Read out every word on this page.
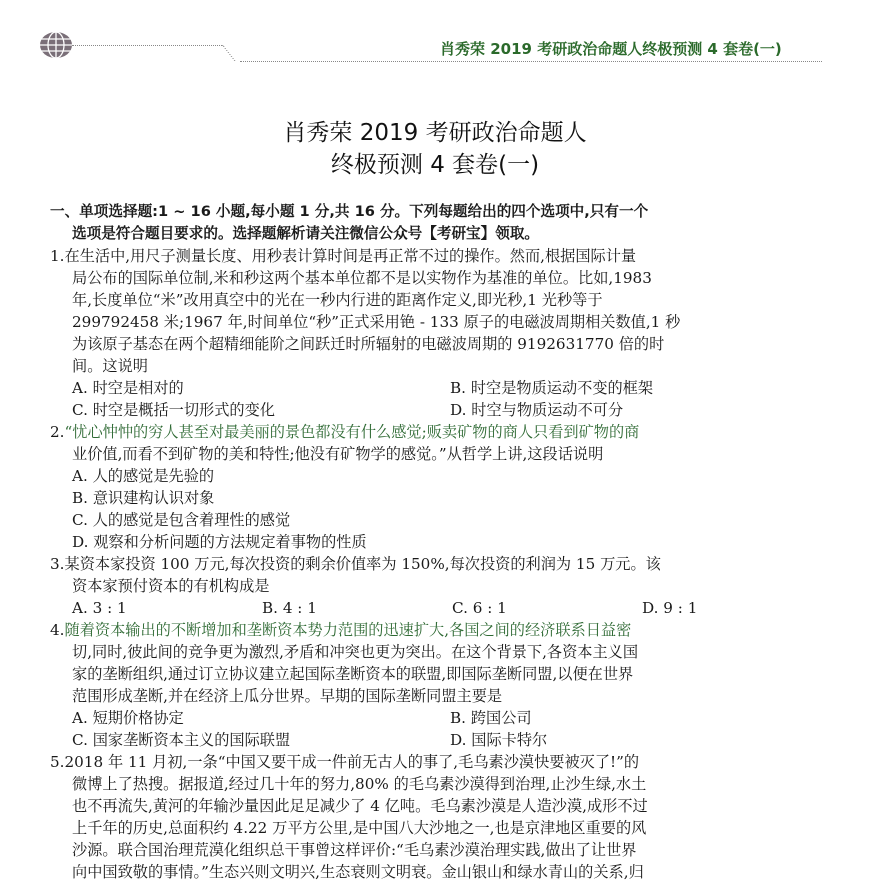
肖秀荣 2019 考研政治命题人终极预测 4 套卷(一)
肖秀荣 2019 考研政治命题人
终极预测 4 套卷(一)

一、单项选择题:1 ~ 16 小题,每小题 1 分,共 16 分。下列每题给出的四个选项中,只有一个

选项是符合题目要求的。选择题解析请关注微信公众号【考研宝】领取。

1.在生活中,用尺子测量长度、用秒表计算时间是再正常不过的操作。然而,根据国际计量

局公布的国际单位制,米和秒这两个基本单位都不是以实物作为基准的单位。比如,1983

年,长度单位“米”改用真空中的光在一秒内行进的距离作定义,即光秒,1 光秒等于

299792458 米;1967 年,时间单位“秒”正式采用铯 - 133 原子的电磁波周期相关数值,1 秒

为该原子基态在两个超精细能阶之间跃迁时所辐射的电磁波周期的 9192631770 倍的时

间。这说明

A. 时空是相对的	B. 时空是物质运动不变的框架
C. 时空是概括一切形式的变化	D. 时空与物质运动不可分

2.“忧心忡忡的穷人甚至对最美丽的景色都没有什么感觉;贩卖矿物的商人只看到矿物的商

业价值,而看不到矿物的美和特性;他没有矿物学的感觉。”从哲学上讲,这段话说明

A. 人的感觉是先验的

B. 意识建构认识对象

C. 人的感觉是包含着理性的感觉

D. 观察和分析问题的方法规定着事物的性质

3.某资本家投资 100 万元,每次投资的剩余价值率为 150%,每次投资的利润为 15 万元。该

资本家预付资本的有机构成是

A. 3 : 1	B. 4 : 1	C. 6 : 1	D. 9 : 1

4.随着资本输出的不断增加和垄断资本势力范围的迅速扩大,各国之间的经济联系日益密

切,同时,彼此间的竞争更为激烈,矛盾和冲突也更为突出。在这个背景下,各资本主义国

家的垄断组织,通过订立协议建立起国际垄断资本的联盟,即国际垄断同盟,以便在世界

范围形成垄断,并在经济上瓜分世界。早期的国际垄断同盟主要是

A. 短期价格协定	B. 跨国公司
C. 国家垄断资本主义的国际联盟	D. 国际卡特尔

5.2018 年 11 月初,一条“中国又要干成一件前无古人的事了,毛乌素沙漠快要被灭了!”的

微博上了热搜。据报道,经过几十年的努力,80% 的毛乌素沙漠得到治理,止沙生绿,水土

也不再流失,黄河的年输沙量因此足足减少了 4 亿吨。毛乌素沙漠是人造沙漠,成形不过

上千年的历史,总面积约 4.22 万平方公里,是中国八大沙地之一,也是京津地区重要的风

沙源。联合国治理荒漠化组织总干事曾这样评价:“毛乌素沙漠治理实践,做出了让世界

向中国致敬的事情。”生态兴则文明兴,生态衰则文明衰。金山银山和绿水青山的关系,归
